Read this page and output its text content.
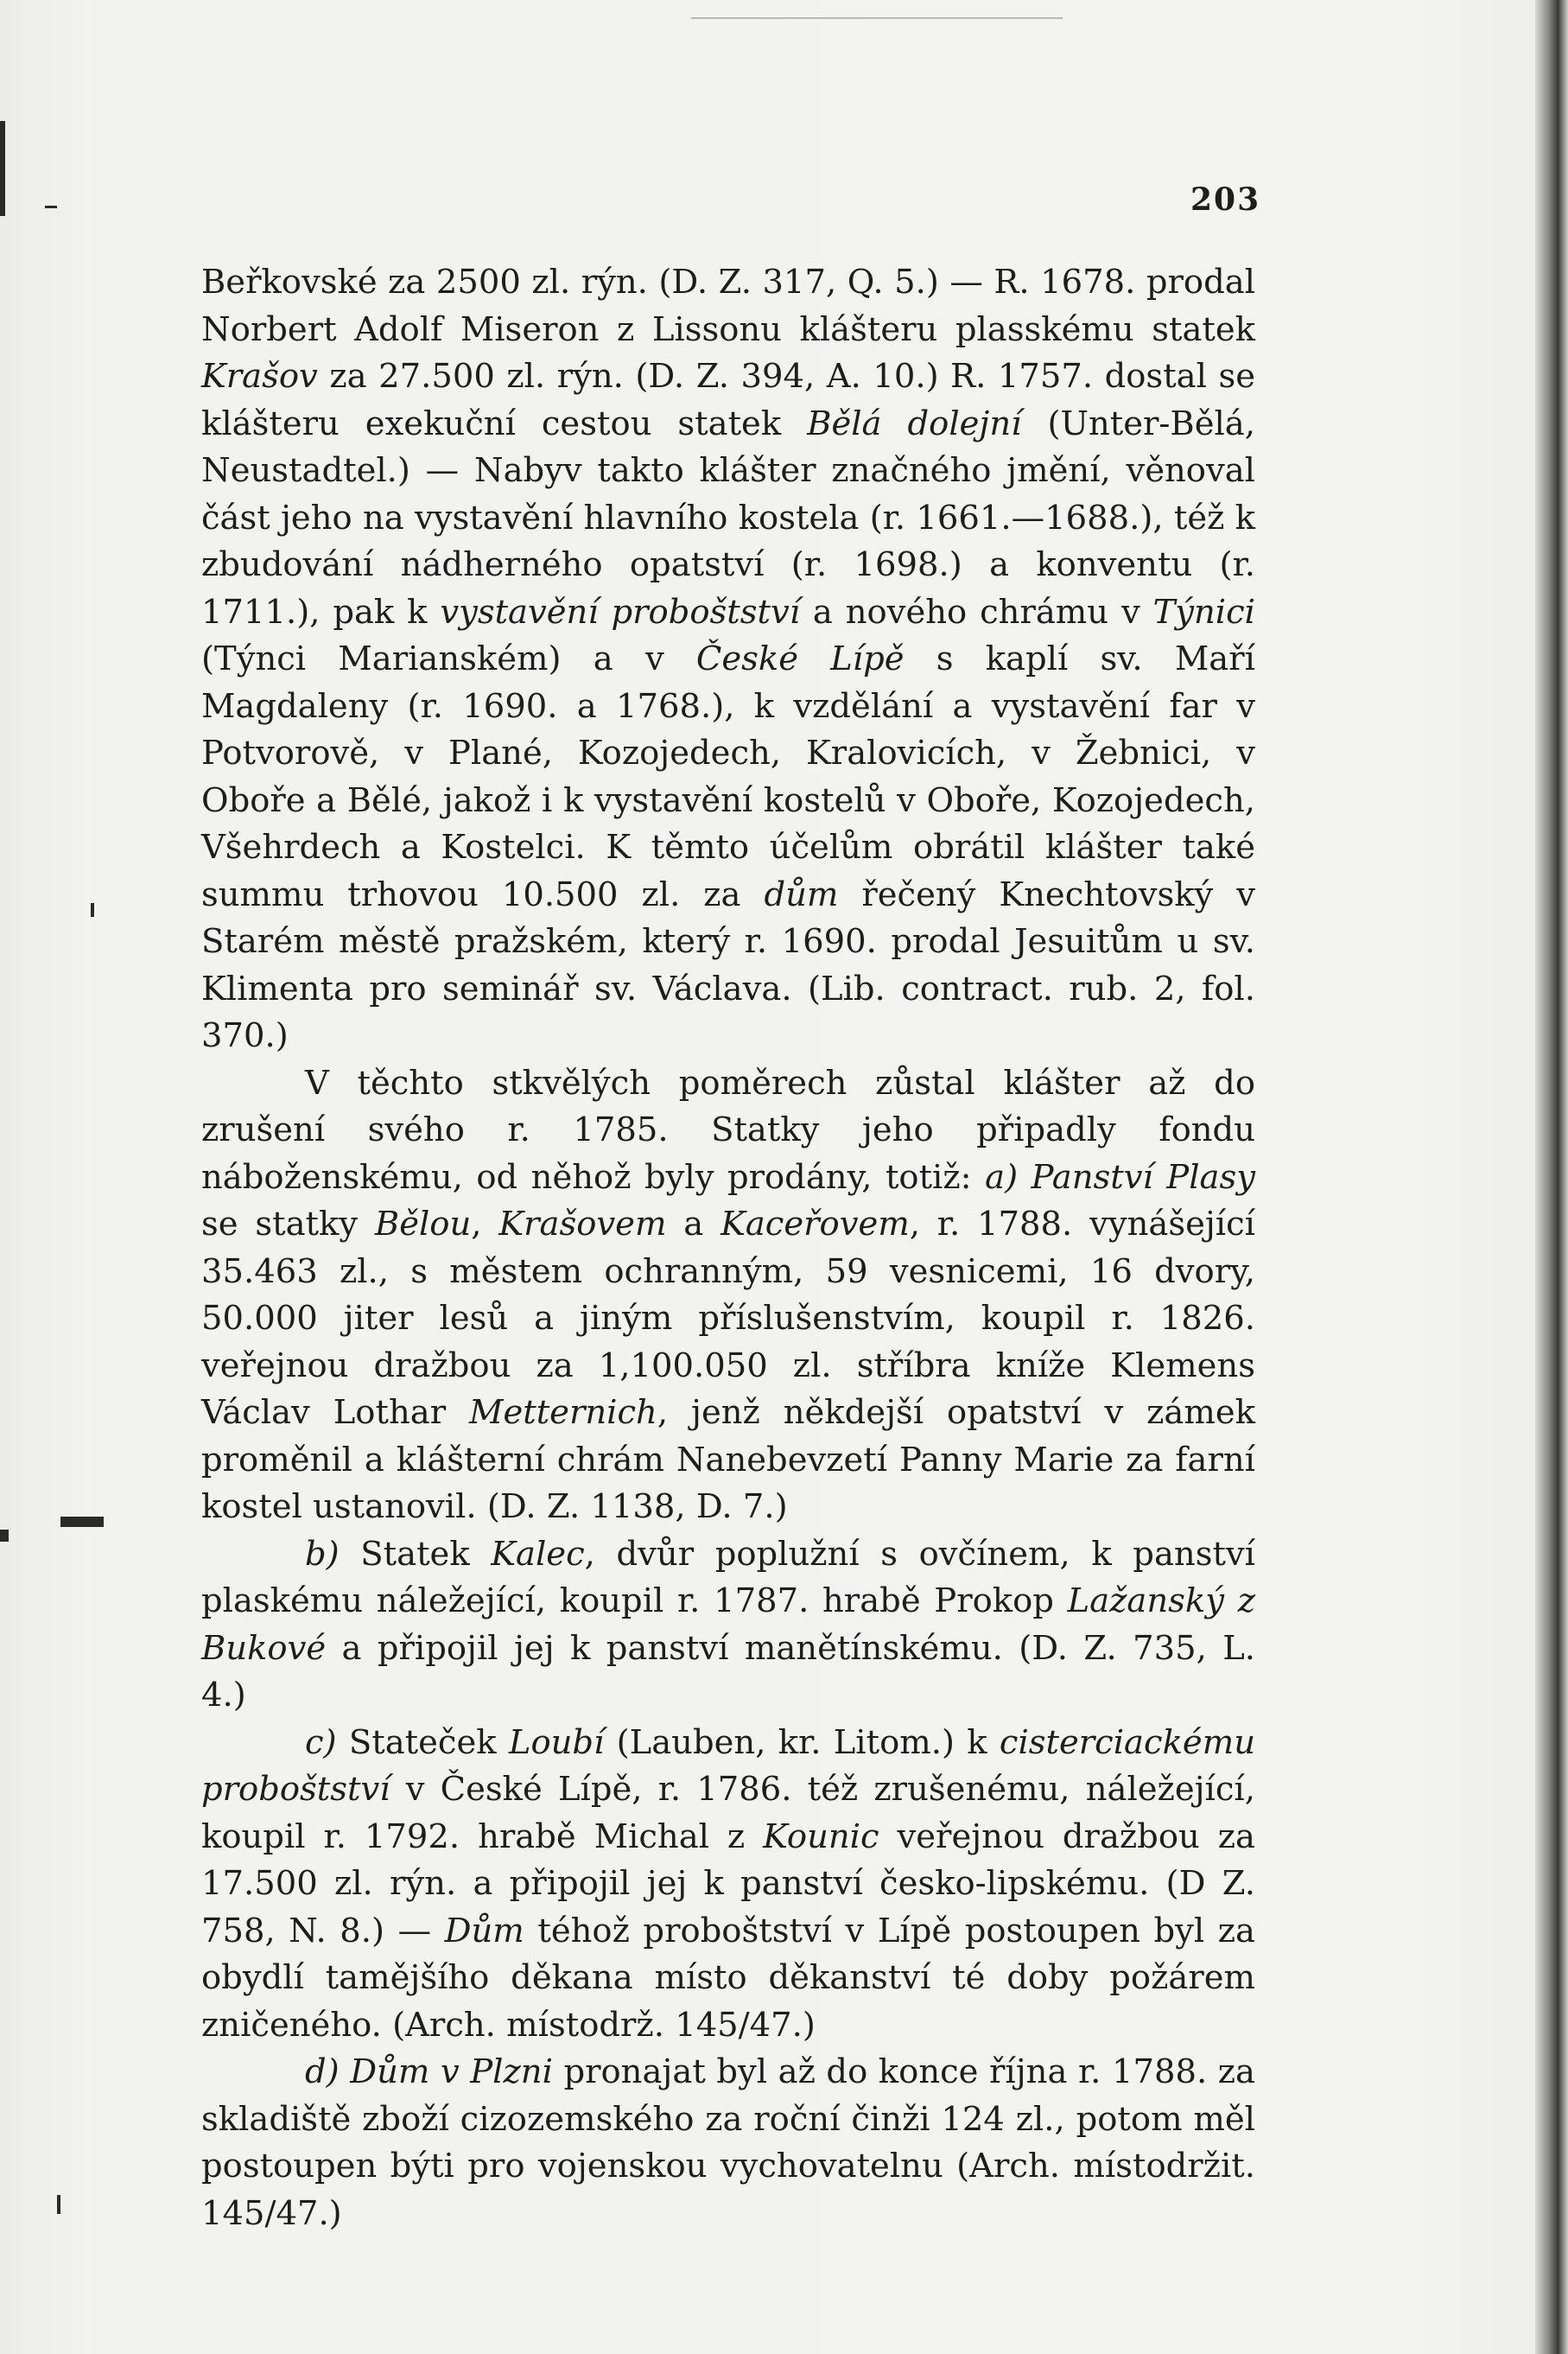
203

Beřkovské za 2500 zl. rýn. (D. Z. 317, Q. 5.) — R. 1678. prodal Norbert Adolf Miseron z Lissonu klášteru plasskému statek Krašov za 27.500 zl. rýn. (D. Z. 394, A. 10.) R. 1757. dostal se klášteru exekuční cestou statek Bělá dolejní (Unter-Bělá, Neustadtel.) — Nabyv takto klášter značného jmění, věnoval část jeho na vystavění hlavního kostela (r. 1661.—1688.), též k zbudování nádherného opatství (r. 1698.) a konventu (r. 1711.), pak k vystavění proboštství a nového chrámu v Týnici (Týnci Marianském) a v České Lípě s kaplí sv. Maří Magdaleny (r. 1690. a 1768.), k vzdělání a vystavění far v Potvorově, v Plané, Kozojedech, Kralovicích, v Žebnici, v Oboře a Bělé, jakož i k vystavění kostelů v Oboře, Kozojedech, Všehrdech a Kostelci. K těmto účelům obrátil klášter také summu trhovou 10.500 zl. za dům řečený Knechtovský v Starém městě pražském, který r. 1690. prodal Jesuitům u sv. Klimenta pro seminář sv. Václava. (Lib. contract. rub. 2, fol. 370.)

V těchto stkvělých poměrech zůstal klášter až do zrušení svého r. 1785. Statky jeho připadly fondu náboženskému, od něhož byly prodány, totiž: a) Panství Plasy se statky Bělou, Krašovem a Kaceřovem, r. 1788. vynášející 35.463 zl., s městem ochranným, 59 vesnicemi, 16 dvory, 50.000 jiter lesů a jiným příslušenstvím, koupil r. 1826. veřejnou dražbou za 1,100.050 zl. stříbra kníže Klemens Václav Lothar Metternich, jenž někdejší opatství v zámek proměnil a klášterní chrám Nanebevzetí Panny Marie za farní kostel ustanovil. (D. Z. 1138, D. 7.)

b) Statek Kalec, dvůr poplužní s ovčínem, k panství plaskému náležející, koupil r. 1787. hrabě Prokop Lažanský z Bukové a připojil jej k panství manětínskému. (D. Z. 735, L. 4.)

c) Stateček Loubí (Lauben, kr. Litom.) k cisterciackému proboštství v České Lípě, r. 1786. též zrušenému, náležející, koupil r. 1792. hrabě Michal z Kounic veřejnou dražbou za 17.500 zl. rýn. a připojil jej k panství česko-lipskému. (D Z. 758, N. 8.) — Dům téhož proboštství v Lípě postoupen byl za obydlí tamějšího děkana místo děkanství té doby požárem zničeného. (Arch. místodrž. 145/47.)

d) Dům v Plzni pronajat byl až do konce října r. 1788. za skladiště zboží cizozemského za roční činži 124 zl., potom měl postoupen býti pro vojenskou vychovatelnu (Arch. místodržit. 145/47.)
